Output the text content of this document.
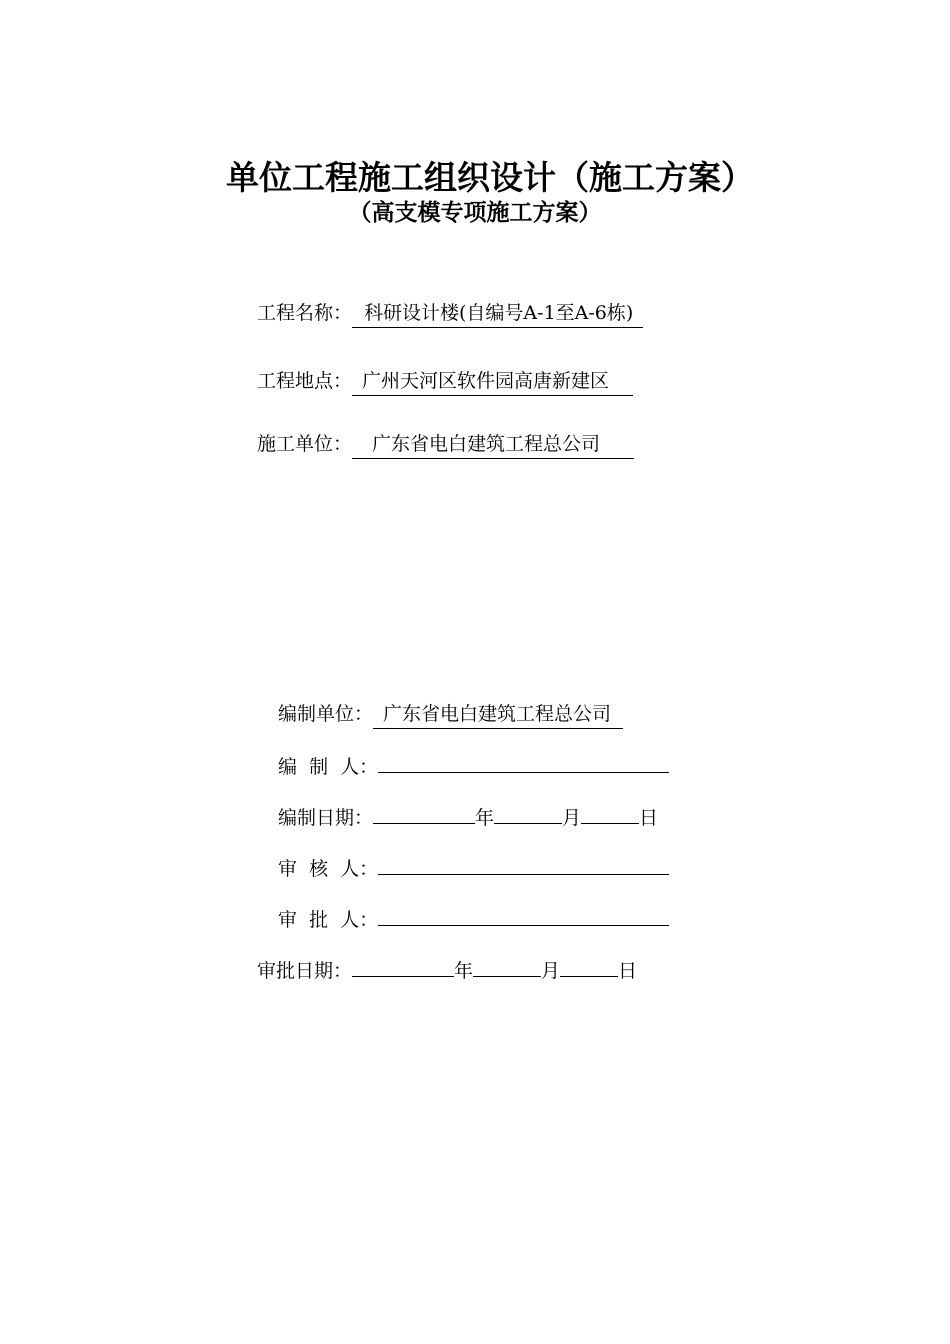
单位工程施工组织设计（施工方案）
（高支模专项施工方案）
工程名称： 科研设计楼(自编号A-1至A-6栋)
工程地点： 广州天河区软件园高唐新建区
施工单位： 广东省电白建筑工程总公司
编制单位： 广东省电白建筑工程总公司
编  制  人：
编制日期：	年	月	日
审  核  人：
审  批  人：
审批日期：	年	月	日
